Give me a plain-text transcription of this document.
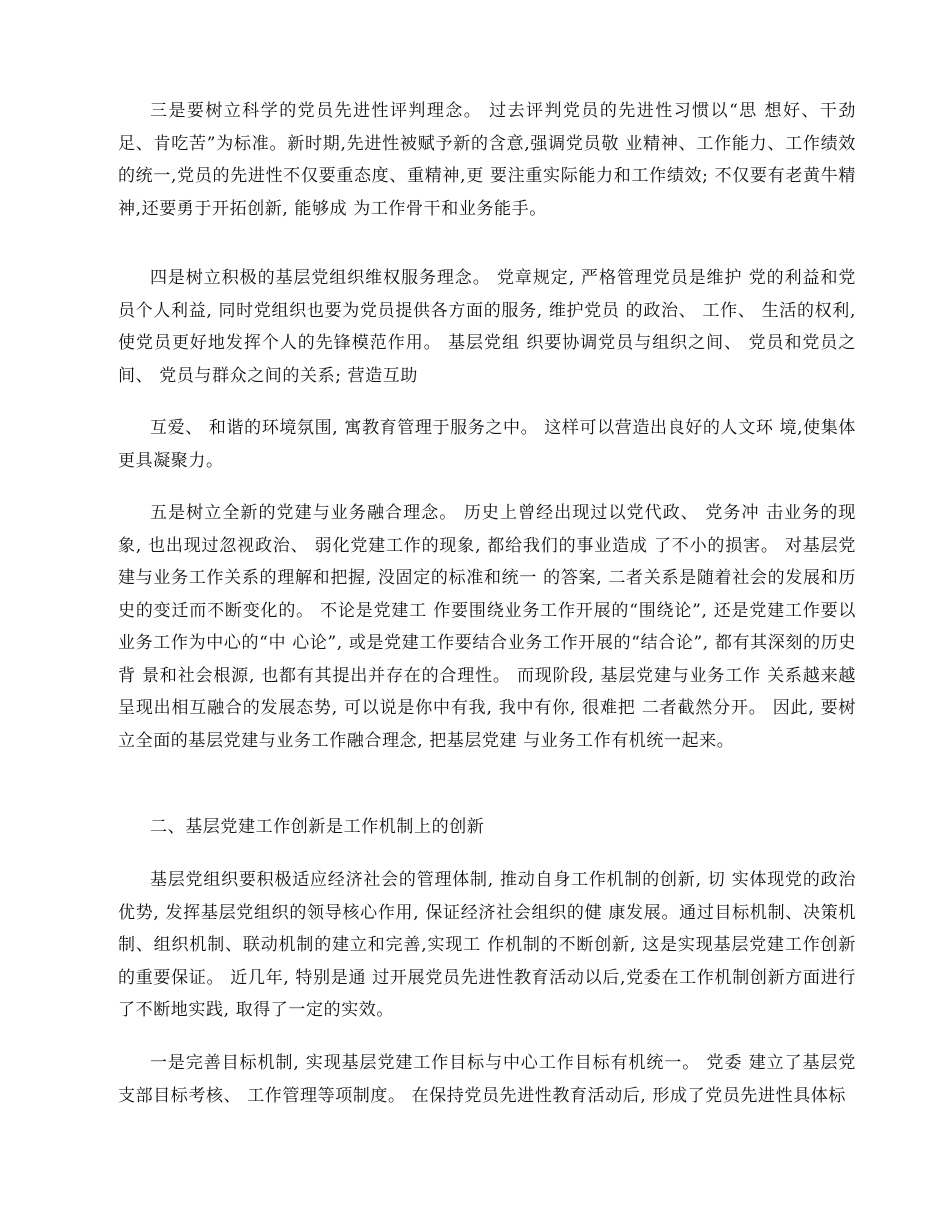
三是要树立科学的党员先进性评判理念。 过去评判党员的先进性习惯以“思 想好、干劲足、肯吃苦”为标准。新时期,先进性被赋予新的含意,强调党员敬 业精神、工作能力、工作绩效的统一,党员的先进性不仅要重态度、重精神,更 要注重实际能力和工作绩效; 不仅要有老黄牛精神,还要勇于开拓创新, 能够成 为工作骨干和业务能手。

四是树立积极的基层党组织维权服务理念。 党章规定, 严格管理党员是维护 党的利益和党员个人利益, 同时党组织也要为党员提供各方面的服务, 维护党员 的政治、 工作、 生活的权利, 使党员更好地发挥个人的先锋模范作用。 基层党组 织要协调党员与组织之间、 党员和党员之间、 党员与群众之间的关系; 营造互助

互爱、 和谐的环境氛围, 寓教育管理于服务之中。 这样可以营造出良好的人文环 境,使集体更具凝聚力。

五是树立全新的党建与业务融合理念。 历史上曾经出现过以党代政、 党务冲 击业务的现象, 也出现过忽视政治、 弱化党建工作的现象, 都给我们的事业造成 了不小的损害。 对基层党建与业务工作关系的理解和把握, 没固定的标准和统一 的答案, 二者关系是随着社会的发展和历史的变迁而不断变化的。 不论是党建工 作要围绕业务工作开展的“围绕论”, 还是党建工作要以业务工作为中心的“中 心论”, 或是党建工作要结合业务工作开展的“结合论”, 都有其深刻的历史背 景和社会根源, 也都有其提出并存在的合理性。 而现阶段, 基层党建与业务工作 关系越来越呈现出相互融合的发展态势, 可以说是你中有我, 我中有你, 很难把 二者截然分开。 因此, 要树立全面的基层党建与业务工作融合理念, 把基层党建 与业务工作有机统一起来。

二、基层党建工作创新是工作机制上的创新

基层党组织要积极适应经济社会的管理体制, 推动自身工作机制的创新, 切 实体现党的政治优势, 发挥基层党组织的领导核心作用, 保证经济社会组织的健 康发展。通过目标机制、决策机制、组织机制、联动机制的建立和完善,实现工 作机制的不断创新, 这是实现基层党建工作创新的重要保证。 近几年, 特别是通 过开展党员先进性教育活动以后,党委在工作机制创新方面进行了不断地实践, 取得了一定的实效。

一是完善目标机制, 实现基层党建工作目标与中心工作目标有机统一。 党委 建立了基层党支部目标考核、 工作管理等项制度。 在保持党员先进性教育活动后, 形成了党员先进性具体标
